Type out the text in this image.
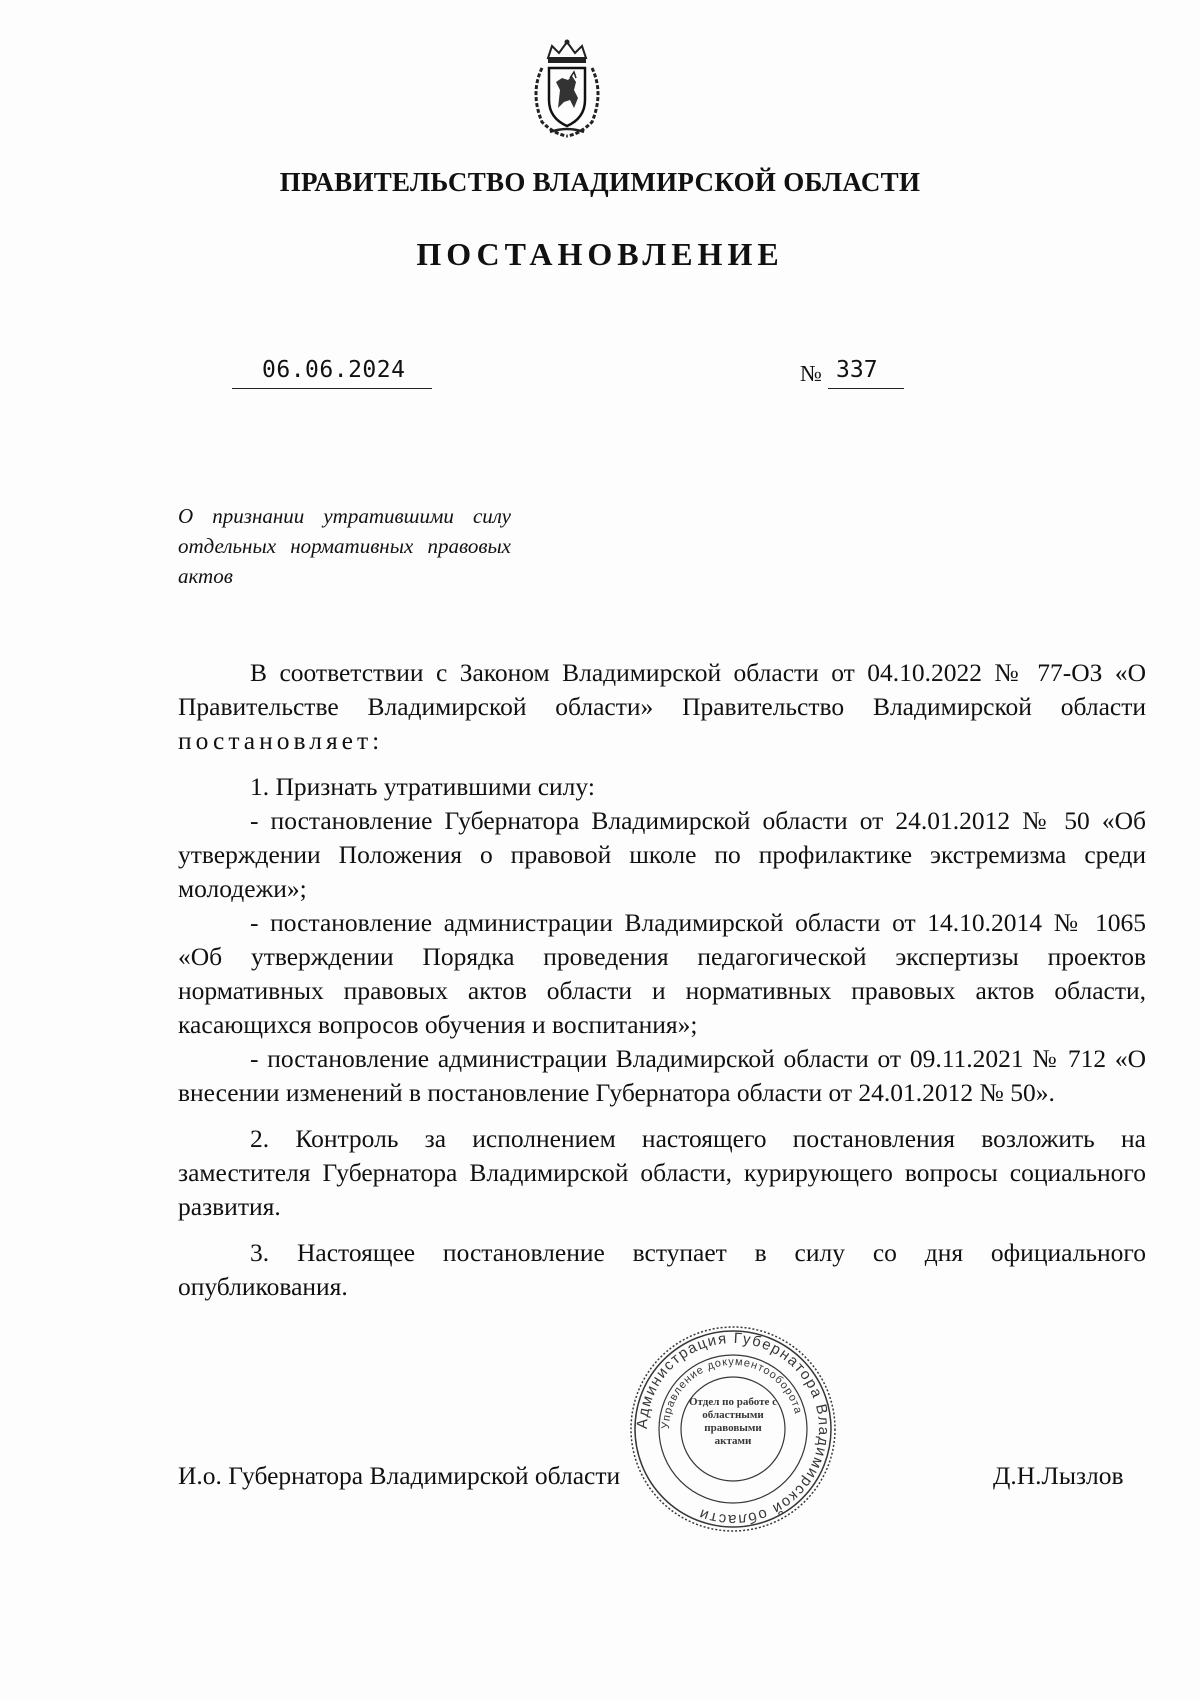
ПРАВИТЕЛЬСТВО ВЛАДИМИРСКОЙ ОБЛАСТИ
ПОСТАНОВЛЕНИЕ
06.06.2024	№ 337
О признании утратившими силу отдельных нормативных правовых актов

В соответствии с Законом Владимирской области от 04.10.2022 № 77-ОЗ «О Правительстве Владимирской области» Правительство Владимирской области постановляет:

1. Признать утратившими силу:

- постановление Губернатора Владимирской области от 24.01.2012 № 50 «Об утверждении Положения о правовой школе по профилактике экстремизма среди молодежи»;

- постановление администрации Владимирской области от 14.10.2014 № 1065 «Об утверждении Порядка проведения педагогической экспертизы проектов нормативных правовых актов области и нормативных правовых актов области, касающихся вопросов обучения и воспитания»;

- постановление администрации Владимирской области от 09.11.2021 № 712 «О внесении изменений в постановление Губернатора области от 24.01.2012 № 50».

2. Контроль за исполнением настоящего постановления возложить на заместителя Губернатора Владимирской области, курирующего вопросы социального развития.

3. Настоящее постановление вступает в силу со дня официального опубликования.

И.о. Губернатора Владимирской области	Д.Н.Лызлов
Администрация Губернатора Владимирской области
Управление документооборота
Отдел по работе с областными правовыми актами
